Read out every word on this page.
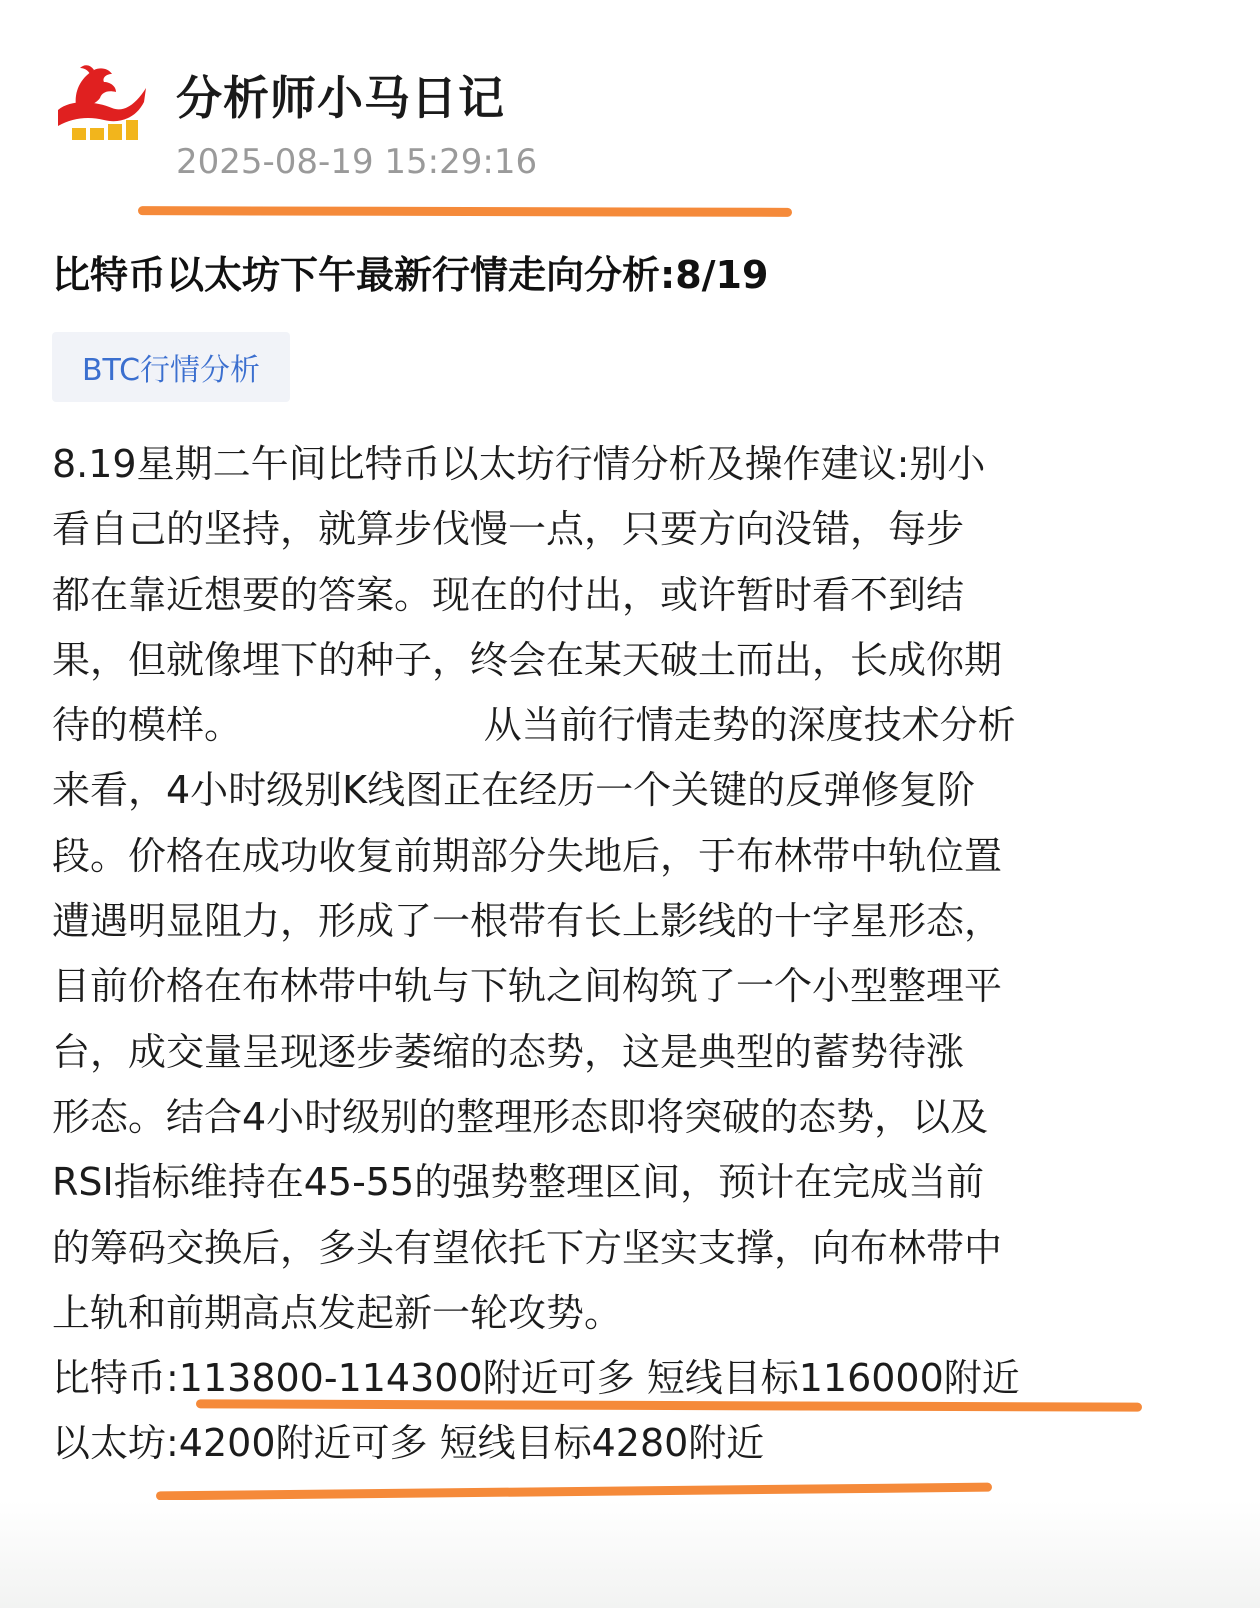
分析师小马日记
2025-08-19 15:29:16
比特币以太坊下午最新行情走向分析:8/19
BTC行情分析
8.19星期二午间比特币以太坊行情分析及操作建议:别小
看自己的坚持，就算步伐慢一点，只要方向没错，每步
都在靠近想要的答案。现在的付出，或许暂时看不到结
果，但就像埋下的种子，终会在某天破土而出，长成你期
待的模样。                    从当前行情走势的深度技术分析
来看，4小时级别K线图正在经历一个关键的反弹修复阶
段。价格在成功收复前期部分失地后，于布林带中轨位置
遭遇明显阻力，形成了一根带有长上影线的十字星形态，
目前价格在布林带中轨与下轨之间构筑了一个小型整理平
台，成交量呈现逐步萎缩的态势，这是典型的蓄势待涨
形态。结合4小时级别的整理形态即将突破的态势，以及
RSI指标维持在45-55的强势整理区间，预计在完成当前
的筹码交换后，多头有望依托下方坚实支撑，向布林带中
上轨和前期高点发起新一轮攻势。
比特币:113800-114300附近可多 短线目标116000附近
以太坊:4200附近可多 短线目标4280附近
